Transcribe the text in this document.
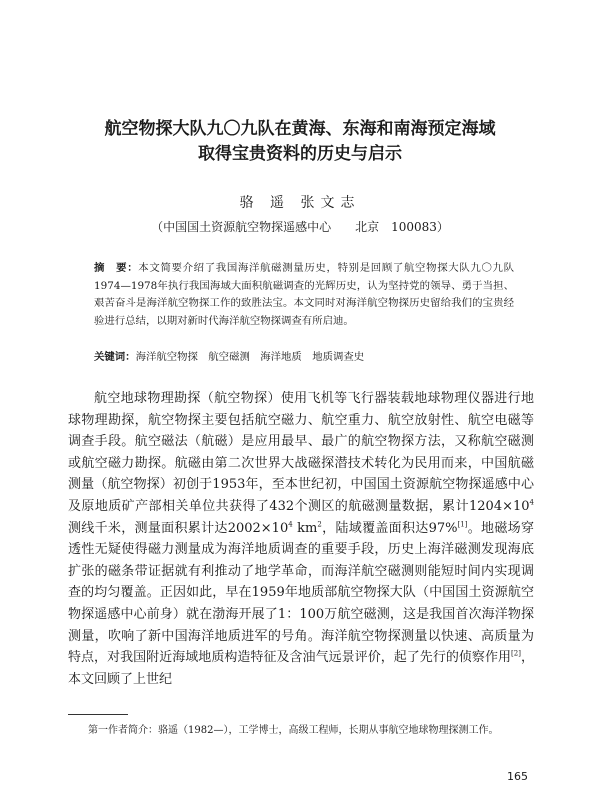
航空物探大队九〇九队在黄海、东海和南海预定海域
取得宝贵资料的历史与启示

骆 遥 张文志

（中国国土资源航空物探遥感中心　　北京　100083）

摘　要：本文简要介绍了我国海洋航磁测量历史，特别是回顾了航空物探大队九〇九队1974—1978年执行我国海域大面积航磁调查的光辉历史，认为坚持党的领导、勇于当担、艰苦奋斗是海洋航空物探工作的致胜法宝。本文同时对海洋航空物探历史留给我们的宝贵经验进行总结，以期对新时代海洋航空物探调查有所启迪。

关键词：海洋航空物探　航空磁测　海洋地质　地质调查史

航空地球物理勘探（航空物探）使用飞机等飞行器装载地球物理仪器进行地球物理勘探，航空物探主要包括航空磁力、航空重力、航空放射性、航空电磁等调查手段。航空磁法（航磁）是应用最早、最广的航空物探方法，又称航空磁测或航空磁力勘探。航磁由第二次世界大战磁探潜技术转化为民用而来，中国航磁测量（航空物探）初创于1953年，至本世纪初，中国国土资源航空物探遥感中心及原地质矿产部相关单位共获得了432个测区的航磁测量数据，累计$1204\times 10^4$测线千米，测量面积累计达$2002\times 10^4$ $km^2$，陆域覆盖面积达97%[1]。地磁场穿透性无疑使得磁力测量成为海洋地质调查的重要手段，历史上海洋磁测发现海底扩张的磁条带证据就有利推动了地学革命，而海洋航空磁测则能短时间内实现调查的均匀覆盖。正因如此，早在1959年地质部航空物探大队（中国国土资源航空物探遥感中心前身）就在渤海开展了1：100万航空磁测，这是我国首次海洋物探测量，吹响了新中国海洋地质进军的号角。海洋航空物探测量以快速、高质量为特点，对我国附近海域地质构造特征及含油气远景评价，起了先行的侦察作用[2]，本文回顾了上世纪

第一作者简介：骆遥（1982—），工学博士，高级工程师，长期从事航空地球物理探测工作。

165
